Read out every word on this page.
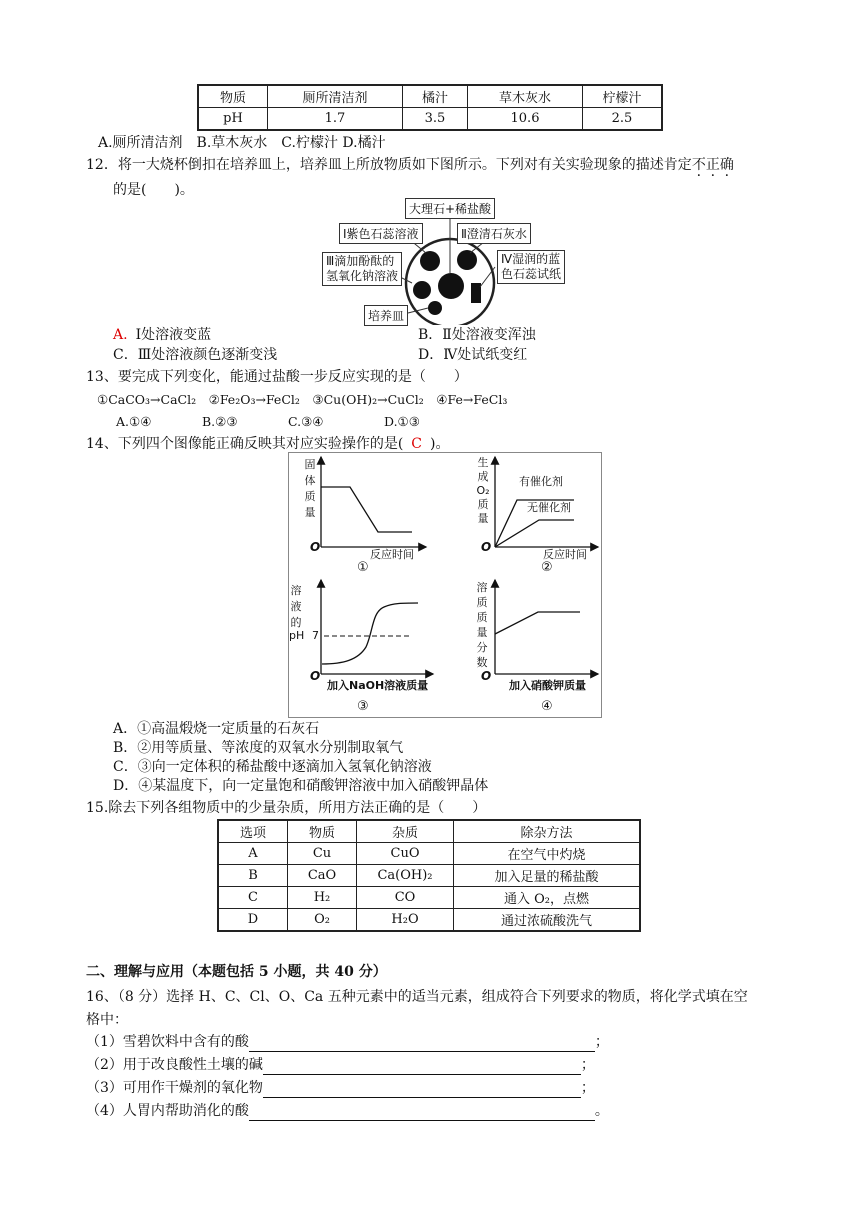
物质	厕所清洁剂	橘汁	草木灰水	柠檬汁
pH	1.7	3.5	10.6	2.5
A.厕所清洁剂　B.草木灰水　C.柠檬汁 D.橘汁
12．将一大烧杯倒扣在培养皿上，培养皿上所放物质如下图所示。下列对有关实验现象的描述肯定不正确
的是(　　)。
大理石+稀盐酸
Ⅰ紫色石蕊溶液	Ⅱ澄清石灰水
Ⅲ滴加酚酞的
氢氧化钠溶液
Ⅳ湿润的蓝
色石蕊试纸
培养皿
A. Ⅰ处溶液变蓝	B．Ⅱ处溶液变浑浊
C．Ⅲ处溶液颜色逐渐变浅	D．Ⅳ处试纸变红
13、要完成下列变化，能通过盐酸一步反应实现的是（　　）
①CaCO₃→CaCl₂　②Fe₂O₃→FeCl₂　③Cu(OH)₂→CuCl₂　④Fe→FeCl₃
A.①④	B.②③	C.③④	D.①③
14、下列四个图像能正确反映其对应实验操作的是( C )。
固
体
质
量
O
反应时间
①
生
成
O₂
质
量
O
有催化剂
无催化剂
反应时间
②
溶
液
的
pH 7
O
加入NaOH溶液质量
③
溶
质
质
量
分
数
O
加入硝酸钾质量
④
A．①高温煅烧一定质量的石灰石
B．②用等质量、等浓度的双氧水分别制取氧气
C．③向一定体积的稀盐酸中逐滴加入氢氧化钠溶液
D．④某温度下，向一定量饱和硝酸钾溶液中加入硝酸钾晶体
15.除去下列各组物质中的少量杂质，所用方法正确的是（　　）
选项	物质	杂质	除杂方法
A	Cu	CuO	在空气中灼烧
B	CaO	Ca(OH)₂	加入足量的稀盐酸
C	H₂	CO	通入 O₂，点燃
D	O₂	H₂O	通过浓硫酸洗气
二、理解与应用（本题包括 5 小题，共 40 分）
16、（8 分）选择 H、C、Cl、O、Ca 五种元素中的适当元素，组成符合下列要求的物质，将化学式填在空
格中：
（1）雪碧饮料中含有的酸	；
（2）用于改良酸性土壤的碱	；
（3）可用作干燥剂的氧化物	；
（4）人胃内帮助消化的酸	。
